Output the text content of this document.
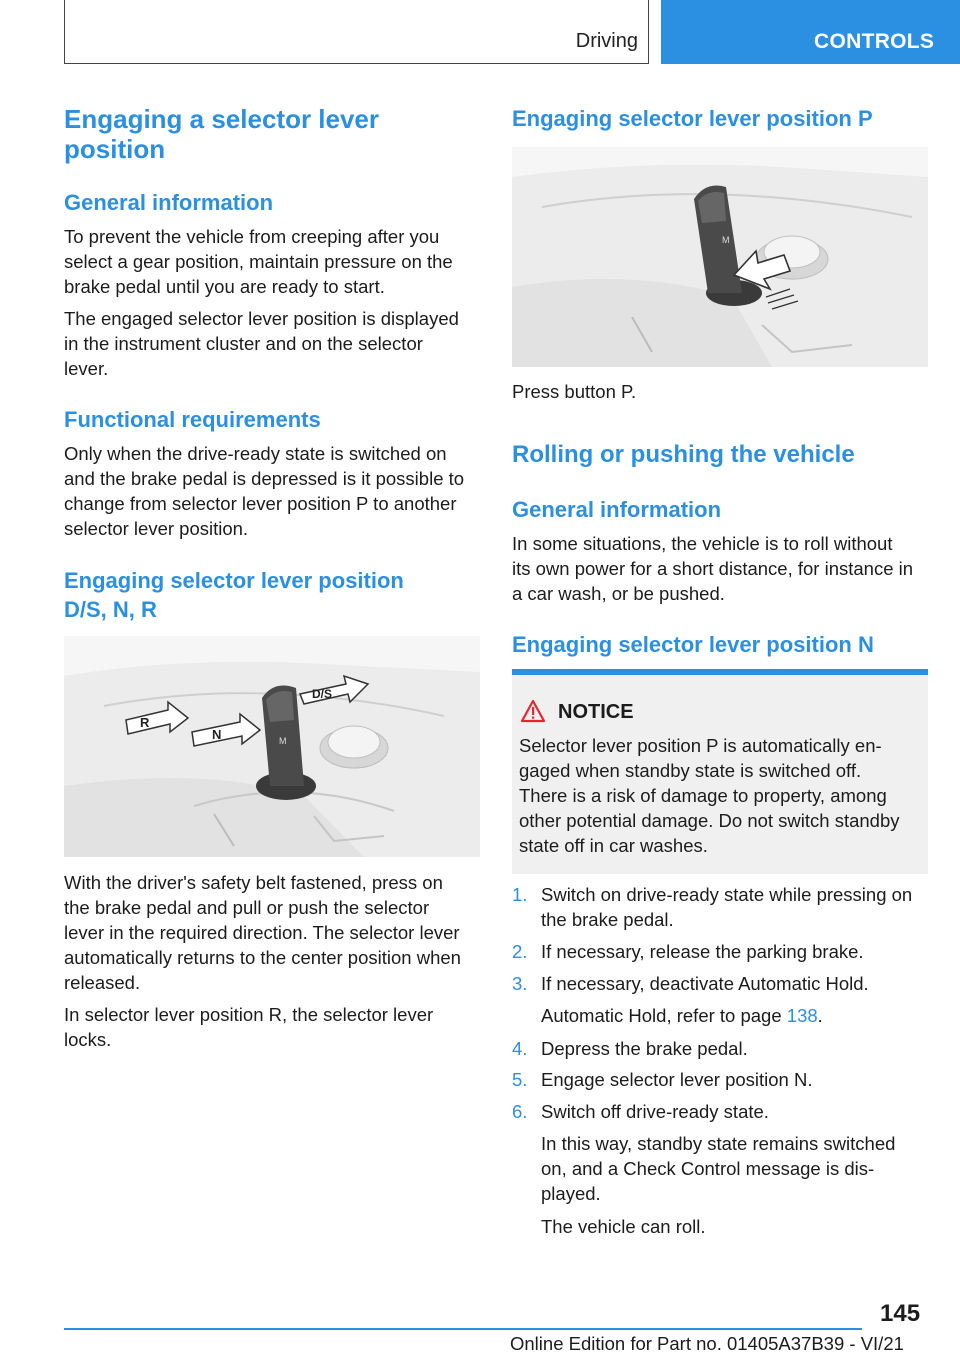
Driving	CONTROLS
Engaging a selector lever
position
General information
To prevent the vehicle from creeping after you
select a gear position, maintain pressure on the
brake pedal until you are ready to start.
The engaged selector lever position is displayed
in the instrument cluster and on the selector
lever.
Functional requirements
Only when the drive-ready state is switched on
and the brake pedal is depressed is it possible to
change from selector lever position P to another
selector lever position.
Engaging selector lever position
D/S, N, R
M
R
N
D/S
With the driver's safety belt fastened, press on
the brake pedal and pull or push the selector
lever in the required direction. The selector lever
automatically returns to the center position when
released.
In selector lever position R, the selector lever
locks.
Engaging selector lever position P
M
Press button P.
Rolling or pushing the vehicle
General information
In some situations, the vehicle is to roll without
its own power for a short distance, for instance in
a car wash, or be pushed.
Engaging selector lever position N
NOTICE
Selector lever position P is automatically en-
gaged when standby state is switched off.
There is a risk of damage to property, among
other potential damage. Do not switch standby
state off in car washes.
1. Switch on drive-ready state while pressing on
the brake pedal.
2. If necessary, release the parking brake.
3. If necessary, deactivate Automatic Hold.
Automatic Hold, refer to page 138.
4. Depress the brake pedal.
5. Engage selector lever position N.
6. Switch off drive-ready state.
In this way, standby state remains switched
on, and a Check Control message is dis-
played.
The vehicle can roll.
145
Online Edition for Part no. 01405A37B39 - VI/21
